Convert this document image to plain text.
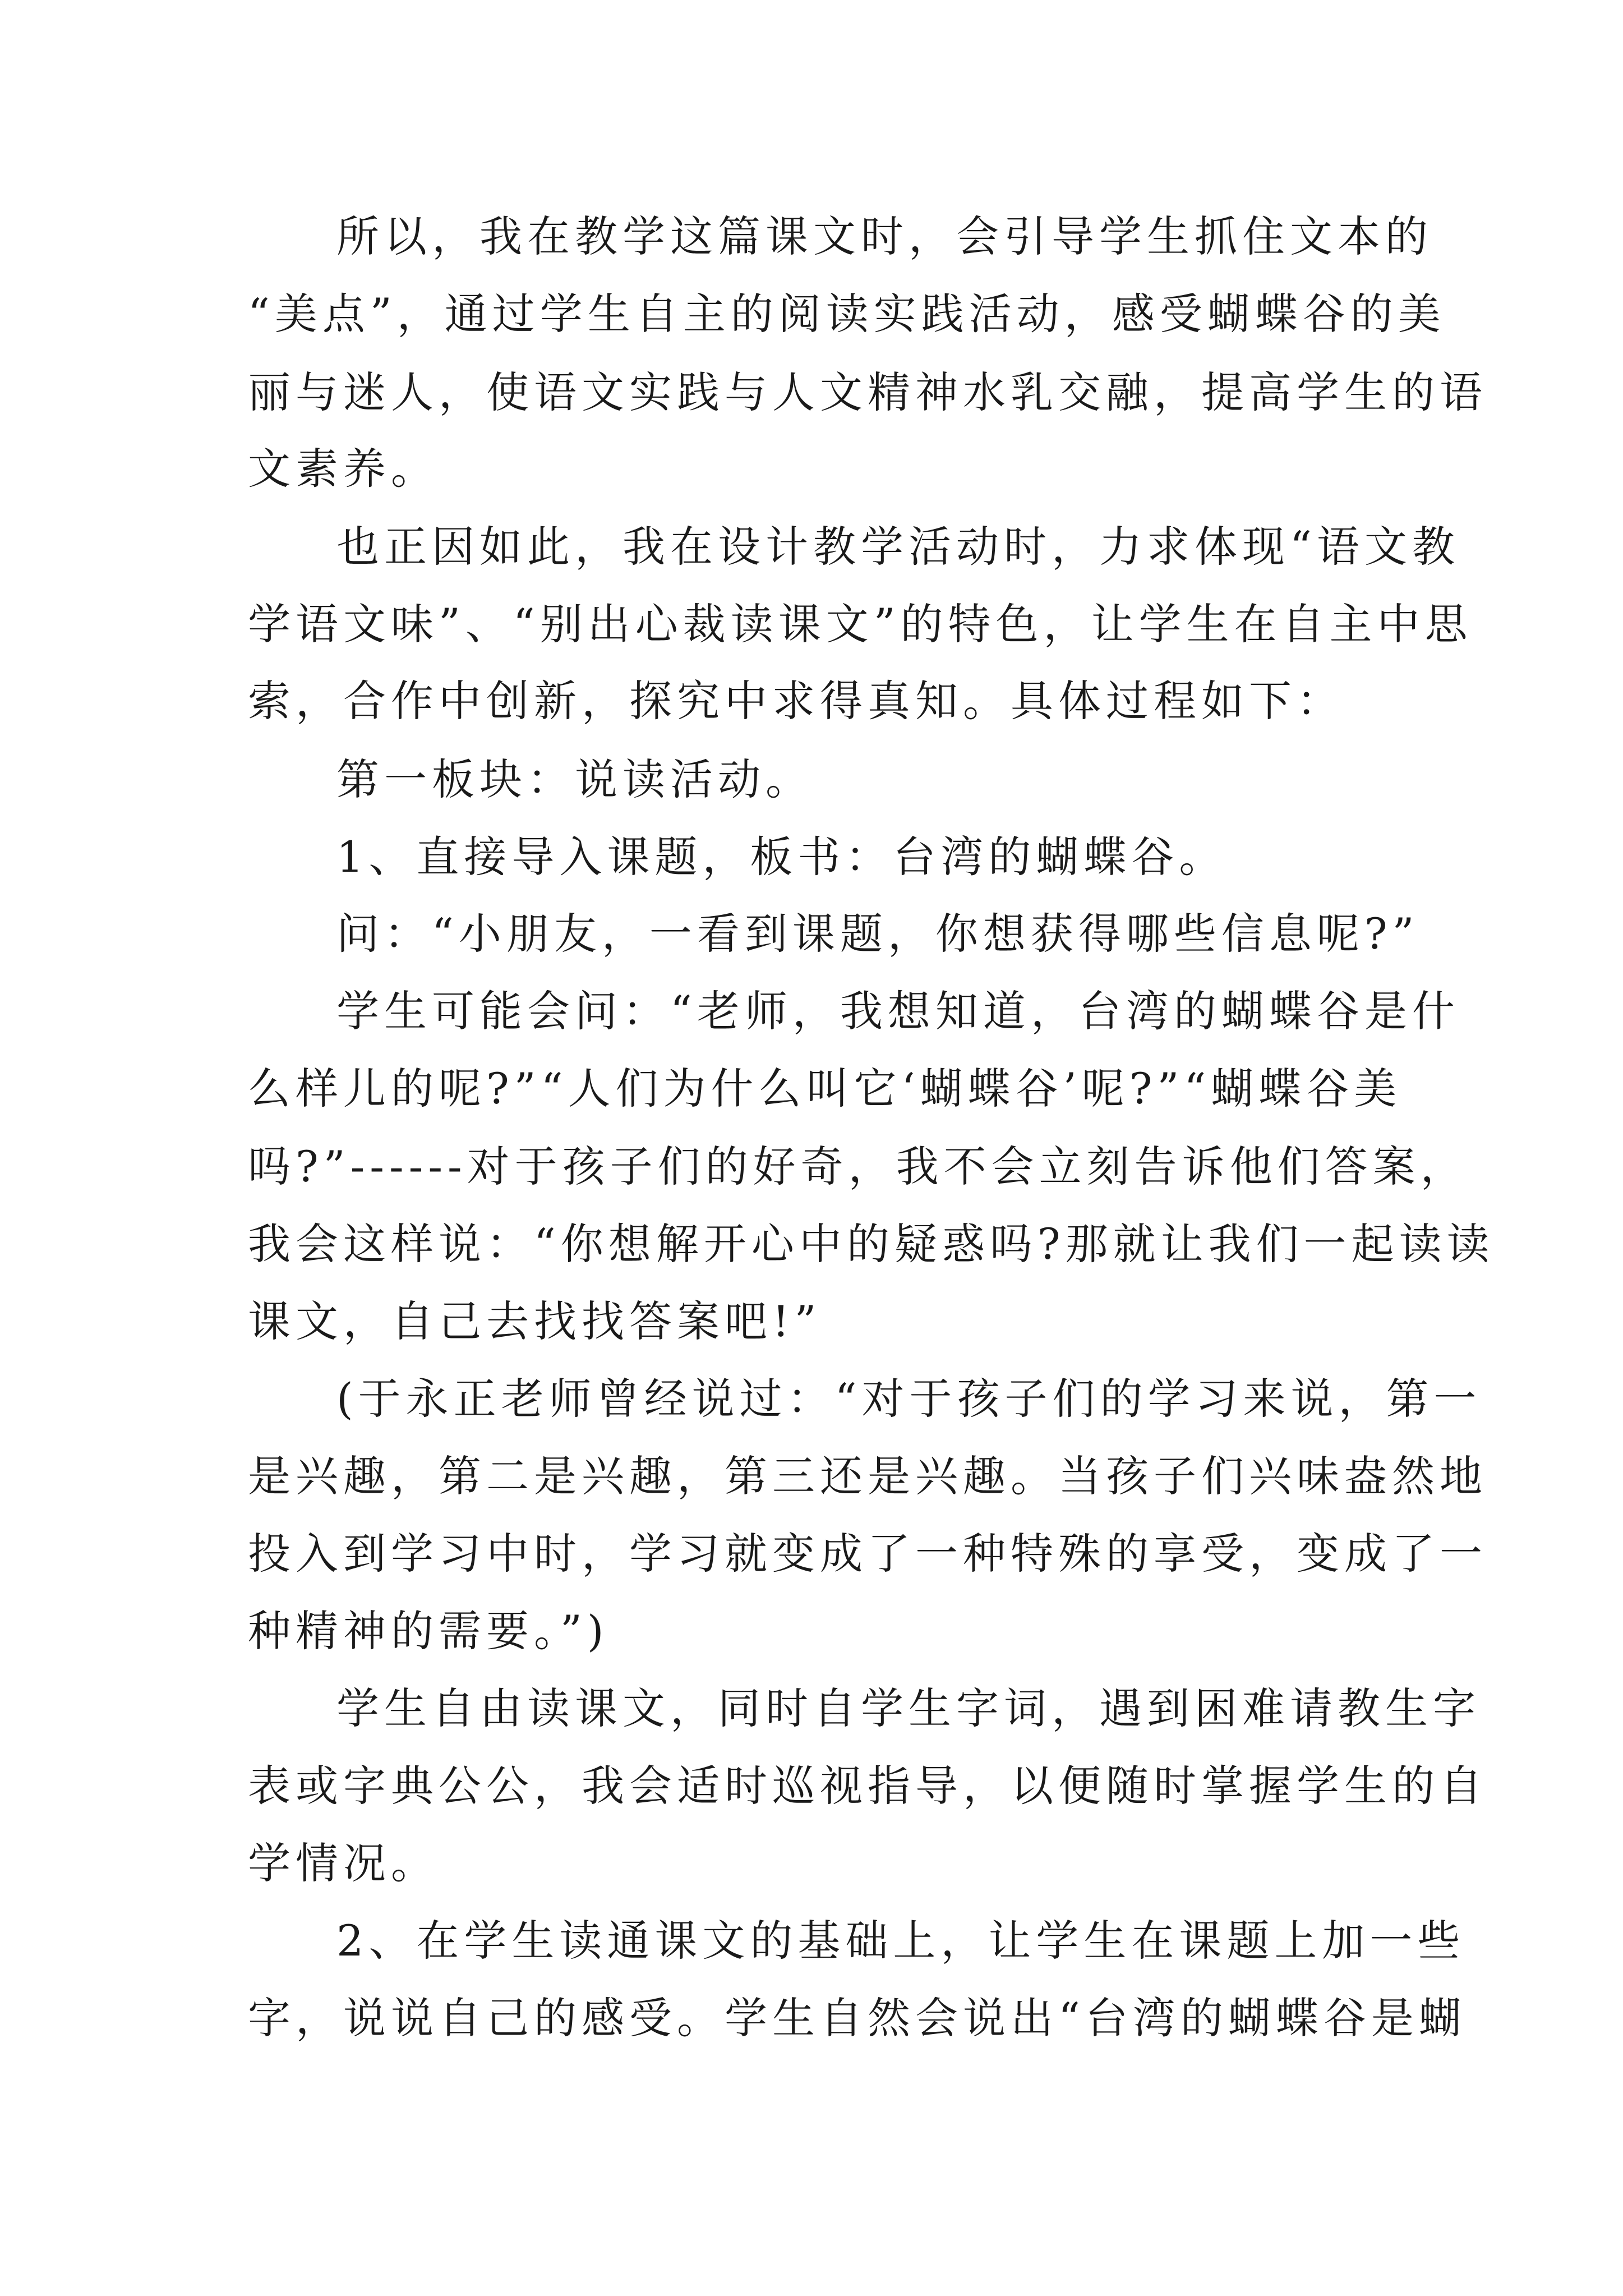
所以，我在教学这篇课文时，会引导学生抓住文本的

“美点”，通过学生自主的阅读实践活动，感受蝴蝶谷的美

丽与迷人，使语文实践与人文精神水乳交融，提高学生的语

文素养。

也正因如此，我在设计教学活动时，力求体现“语文教

学语文味”、“别出心裁读课文”的特色，让学生在自主中思

索，合作中创新，探究中求得真知。具体过程如下：

第一板块：说读活动。

1、直接导入课题，板书：台湾的蝴蝶谷。

问：“小朋友，一看到课题，你想获得哪些信息呢?”

学生可能会问：“老师，我想知道，台湾的蝴蝶谷是什

么样儿的呢?”“人们为什么叫它‘蝴蝶谷’呢?”“蝴蝶谷美

吗?”------对于孩子们的好奇，我不会立刻告诉他们答案，

我会这样说：“你想解开心中的疑惑吗?那就让我们一起读读

课文，自己去找找答案吧!”

(于永正老师曾经说过：“对于孩子们的学习来说，第一

是兴趣，第二是兴趣，第三还是兴趣。当孩子们兴味盎然地

投入到学习中时，学习就变成了一种特殊的享受，变成了一

种精神的需要。”)

学生自由读课文，同时自学生字词，遇到困难请教生字

表或字典公公，我会适时巡视指导，以便随时掌握学生的自

学情况。

2、在学生读通课文的基础上，让学生在课题上加一些

字，说说自己的感受。学生自然会说出“台湾的蝴蝶谷是蝴
